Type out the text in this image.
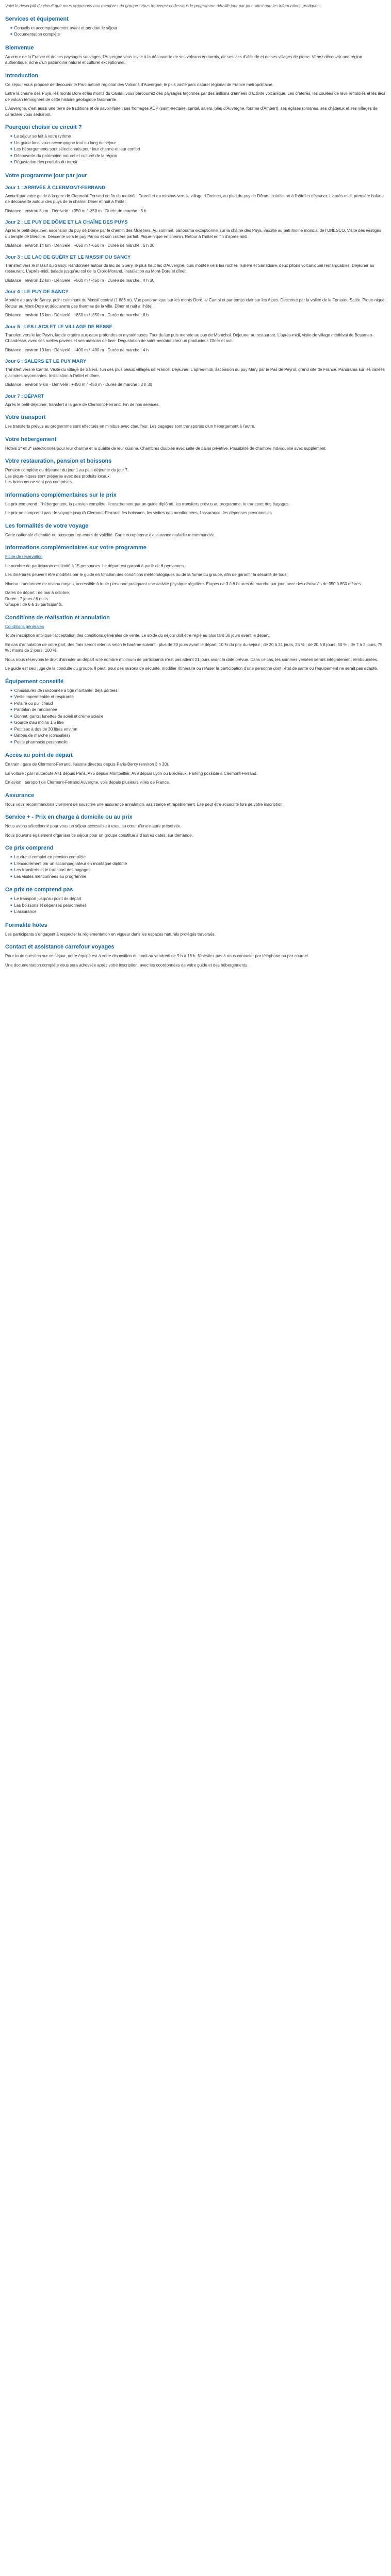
Voici le descriptif du circuit que nous proposons aux membres du groupe. Vous trouverez ci-dessous le programme détaillé jour par jour, ainsi que les informations pratiques.

Services et équipement
■ Conseils et accompagnement avant et pendant le séjour
■ Documentation complète
Bienvenue

Au cœur de la France et de ses paysages sauvages, l'Auvergne vous invite à la découverte de ses volcans endormis, de ses lacs d'altitude et de ses villages de pierre. Venez découvrir une région authentique, riche d'un patrimoine naturel et culturel exceptionnel.

Introduction

Ce séjour vous propose de découvrir le Parc naturel régional des Volcans d'Auvergne, le plus vaste parc naturel régional de France métropolitaine.

Entre la chaîne des Puys, les monts Dore et les monts du Cantal, vous parcourrez des paysages façonnés par des millions d'années d'activité volcanique. Les cratères, les coulées de lave refroidies et les lacs de volcan témoignent de cette histoire géologique fascinante.

L'Auvergne, c'est aussi une terre de traditions et de savoir-faire : ses fromages AOP (saint-nectaire, cantal, salers, bleu d'Auvergne, fourme d'Ambert), ses églises romanes, ses châteaux et ses villages de caractère vous séduiront.

Pourquoi choisir ce circuit ?
■ Le séjour se fait à votre rythme
■ Un guide local vous accompagne tout au long du séjour
■ Les hébergements sont sélectionnés pour leur charme et leur confort
■ Découverte du patrimoine naturel et culturel de la région
■ Dégustation des produits du terroir
Votre programme jour par jour
Jour 1 : ARRIVÉE À CLERMONT-FERRAND

Accueil par votre guide à la gare de Clermont-Ferrand en fin de matinée. Transfert en minibus vers le village d'Orcines, au pied du puy de Dôme. Installation à l'hôtel et déjeuner. L'après-midi, première balade de découverte autour des puys de la chaîne. Dîner et nuit à l'hôtel.

Distance : environ 8 km · Dénivelé : +350 m / -350 m · Durée de marche : 3 h

Jour 2 : LE PUY DE DÔME ET LA CHAÎNE DES PUYS

Après le petit-déjeuner, ascension du puy de Dôme par le chemin des Muletiers. Au sommet, panorama exceptionnel sur la chaîne des Puys, inscrite au patrimoine mondial de l'UNESCO. Visite des vestiges du temple de Mercure. Descente vers le puy Pariou et son cratère parfait. Pique-nique en chemin. Retour à l'hôtel en fin d'après-midi.

Distance : environ 14 km · Dénivelé : +650 m / -650 m · Durée de marche : 5 h 30

Jour 3 : LE LAC DE GUÉRY ET LE MASSIF DU SANCY

Transfert vers le massif du Sancy. Randonnée autour du lac de Guéry, le plus haut lac d'Auvergne, puis montée vers les roches Tuilière et Sanadoire, deux pitons volcaniques remarquables. Déjeuner au restaurant. L'après-midi, balade jusqu'au col de la Croix-Morand. Installation au Mont-Dore et dîner.

Distance : environ 12 km · Dénivelé : +500 m / -450 m · Durée de marche : 4 h 30

Jour 4 : LE PUY DE SANCY

Montée au puy de Sancy, point culminant du Massif central (1 886 m). Vue panoramique sur les monts Dore, le Cantal et par temps clair sur les Alpes. Descente par la vallée de la Fontaine Salée. Pique-nique. Retour au Mont-Dore et découverte des thermes de la ville. Dîner et nuit à l'hôtel.

Distance : environ 15 km · Dénivelé : +850 m / -850 m · Durée de marche : 6 h

Jour 5 : LES LACS ET LE VILLAGE DE BESSE

Transfert vers le lac Pavin, lac de cratère aux eaux profondes et mystérieuses. Tour du lac puis montée au puy de Montchal. Déjeuner au restaurant. L'après-midi, visite du village médiéval de Besse-en-Chandesse, avec ses ruelles pavées et ses maisons de lave. Dégustation de saint-nectaire chez un producteur. Dîner et nuit.

Distance : environ 10 km · Dénivelé : +400 m / -400 m · Durée de marche : 4 h

Jour 6 : SALERS ET LE PUY MARY

Transfert vers le Cantal. Visite du village de Salers, l'un des plus beaux villages de France. Déjeuner. L'après-midi, ascension du puy Mary par le Pas de Peyrol, grand site de France. Panorama sur les vallées glaciaires rayonnantes. Installation à l'hôtel et dîner.

Distance : environ 9 km · Dénivelé : +450 m / -450 m · Durée de marche : 3 h 30

Jour 7 : DÉPART

Après le petit-déjeuner, transfert à la gare de Clermont-Ferrand. Fin de nos services.

Votre transport

Les transferts prévus au programme sont effectués en minibus avec chauffeur. Les bagages sont transportés d'un hébergement à l'autre.

Votre hébergement

Hôtels 2* et 3* sélectionnés pour leur charme et la qualité de leur cuisine. Chambres doubles avec salle de bains privative. Possibilité de chambre individuelle avec supplément.

Votre restauration, pension et boissons

Pension complète du déjeuner du jour 1 au petit-déjeuner du jour 7.

Les pique-niques sont préparés avec des produits locaux.

Les boissons ne sont pas comprises.

Informations complémentaires sur le prix

Le prix comprend : l'hébergement, la pension complète, l'encadrement par un guide diplômé, les transferts prévus au programme, le transport des bagages.

Le prix ne comprend pas : le voyage jusqu'à Clermont-Ferrand, les boissons, les visites non mentionnées, l'assurance, les dépenses personnelles.

Les formalités de votre voyage

Carte nationale d'identité ou passeport en cours de validité. Carte européenne d'assurance maladie recommandée.

Informations complémentaires sur votre programme

Fiche de réservation

Le nombre de participants est limité à 15 personnes. Le départ est garanti à partir de 6 personnes.

Les itinéraires peuvent être modifiés par le guide en fonction des conditions météorologiques ou de la forme du groupe, afin de garantir la sécurité de tous.

Niveau : randonnée de niveau moyen, accessible à toute personne pratiquant une activité physique régulière. Étapes de 3 à 6 heures de marche par jour, avec des dénivelés de 350 à 850 mètres.

Dates de départ : de mai à octobre.

Durée : 7 jours / 6 nuits.

Groupe : de 6 à 15 participants.

Conditions de réalisation et annulation

Conditions générales

Toute inscription implique l'acceptation des conditions générales de vente. Le solde du séjour doit être réglé au plus tard 30 jours avant le départ.

En cas d'annulation de votre part, des frais seront retenus selon le barème suivant : plus de 30 jours avant le départ, 10 % du prix du séjour ; de 30 à 21 jours, 25 % ; de 20 à 8 jours, 50 % ; de 7 à 2 jours, 75 % ; moins de 2 jours, 100 %.

Nous nous réservons le droit d'annuler un départ si le nombre minimum de participants n'est pas atteint 21 jours avant la date prévue. Dans ce cas, les sommes versées seront intégralement remboursées.

Le guide est seul juge de la conduite du groupe. Il peut, pour des raisons de sécurité, modifier l'itinéraire ou refuser la participation d'une personne dont l'état de santé ou l'équipement ne serait pas adapté.

Équipement conseillé
■ Chaussures de randonnée à tige montante, déjà portées
■ Veste imperméable et respirante
■ Polaire ou pull chaud
■ Pantalon de randonnée
■ Bonnet, gants, lunettes de soleil et crème solaire
■ Gourde d'au moins 1,5 litre
■ Petit sac à dos de 30 litres environ
■ Bâtons de marche (conseillés)
■ Petite pharmacie personnelle
Accès au point de départ

En train : gare de Clermont-Ferrand, liaisons directes depuis Paris-Bercy (environ 3 h 30).

En voiture : par l'autoroute A71 depuis Paris, A75 depuis Montpellier, A89 depuis Lyon ou Bordeaux. Parking possible à Clermont-Ferrand.

En avion : aéroport de Clermont-Ferrand Auvergne, vols depuis plusieurs villes de France.

Assurance

Nous vous recommandons vivement de souscrire une assurance annulation, assistance et rapatriement. Elle peut être souscrite lors de votre inscription.

Service + - Prix en charge à domicile ou au prix

Nous avons sélectionné pour vous un séjour accessible à tous, au cœur d'une nature préservée.

Nous pouvons également organiser ce séjour pour un groupe constitué à d'autres dates, sur demande.

Ce prix comprend
■ Le circuit complet en pension complète
■ L'encadrement par un accompagnateur en montagne diplômé
■ Les transferts et le transport des bagages
■ Les visites mentionnées au programme
Ce prix ne comprend pas
■ Le transport jusqu'au point de départ
■ Les boissons et dépenses personnelles
■ L'assurance
Formalité hôtes

Les participants s'engagent à respecter la réglementation en vigueur dans les espaces naturels protégés traversés.

Contact et assistance carrefour voyages

Pour toute question sur ce séjour, notre équipe est à votre disposition du lundi au vendredi de 9 h à 18 h. N'hésitez pas à nous contacter par téléphone ou par courriel.

Une documentation complète vous sera adressée après votre inscription, avec les coordonnées de votre guide et des hébergements.
